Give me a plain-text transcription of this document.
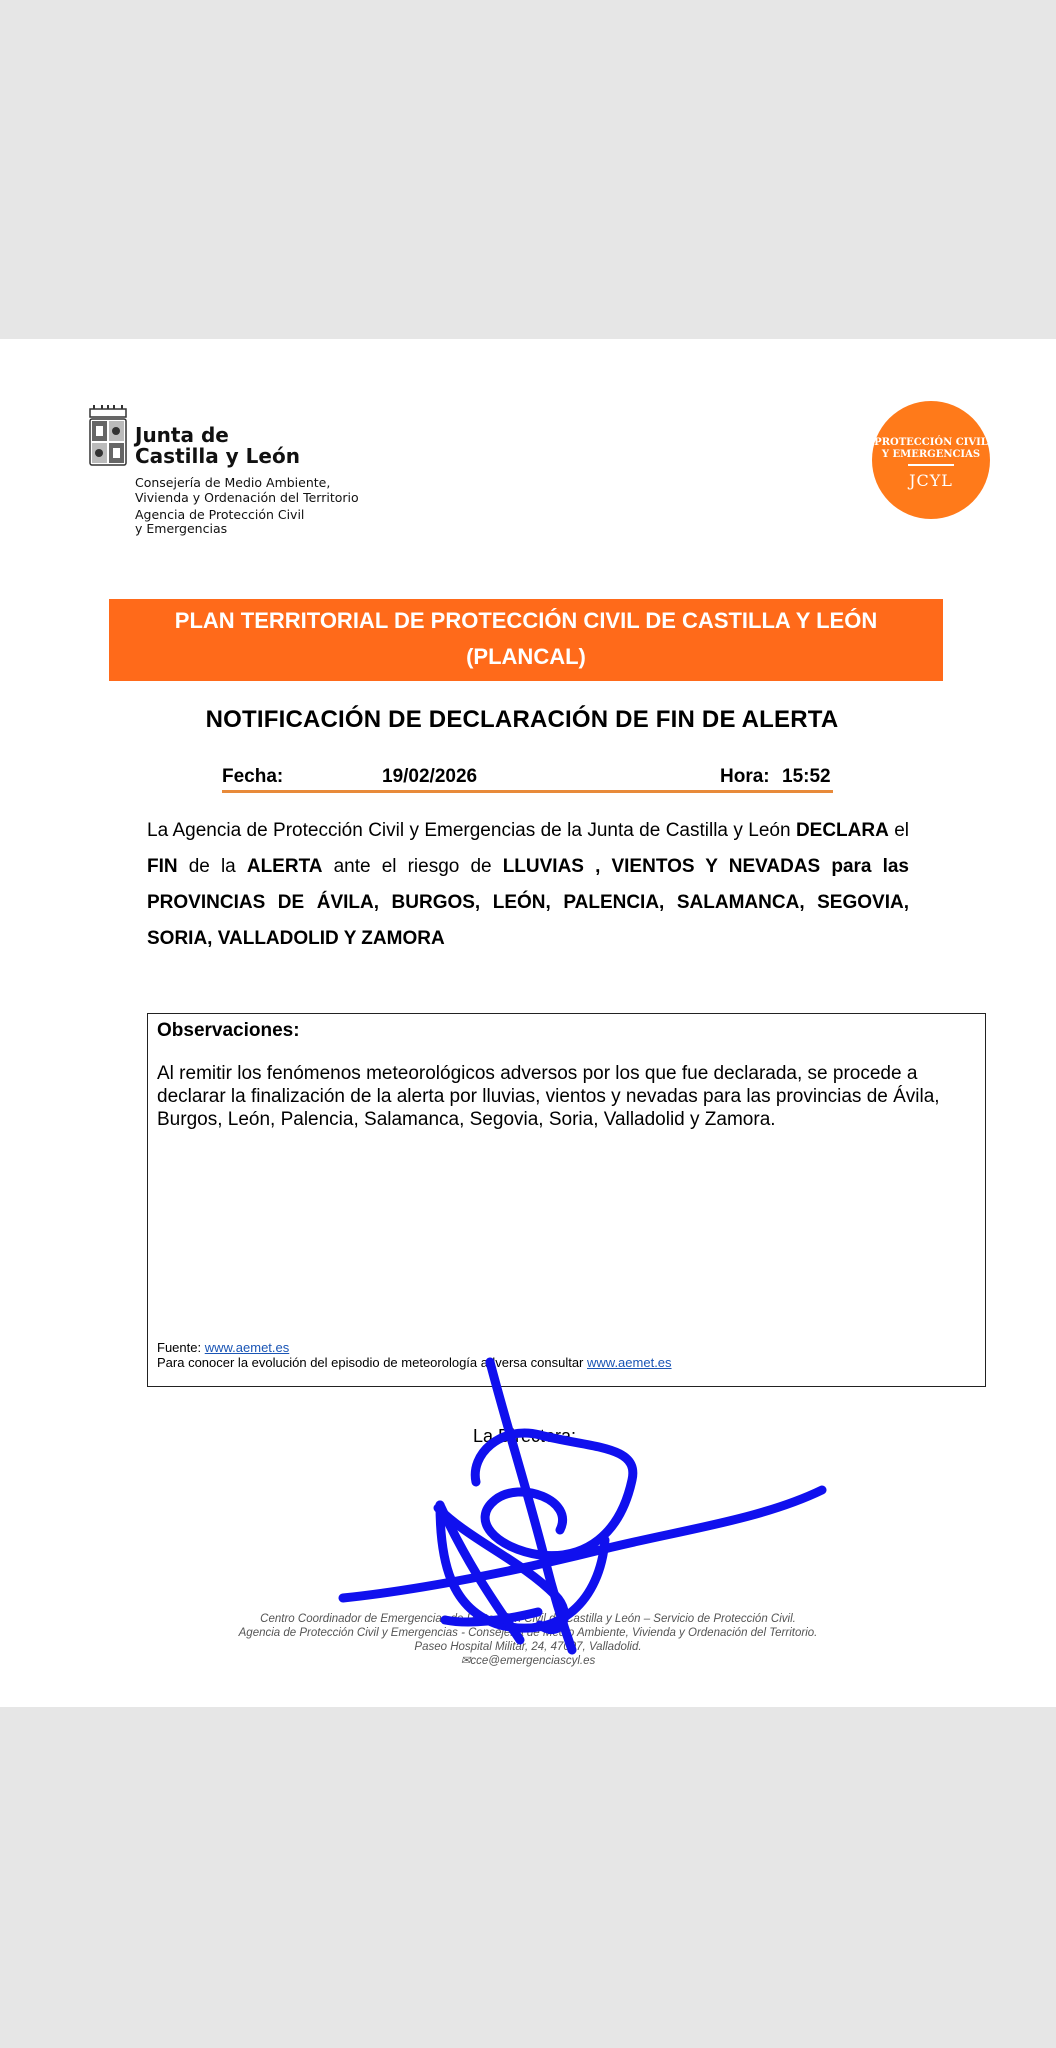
Junta de
Castilla y León
Consejería de Medio Ambiente,
Vivienda y Ordenación del Territorio
Agencia de Protección Civil
y Emergencias
PROTECCIÓN CIVIL
Y EMERGENCIAS
JCYL
PLAN TERRITORIAL DE PROTECCIÓN CIVIL DE CASTILLA Y LEÓN
(PLANCAL)
NOTIFICACIÓN DE DECLARACIÓN DE FIN DE ALERTA
Fecha:	19/02/2026	Hora: 15:52
La Agencia de Protección Civil y Emergencias de la Junta de Castilla y León DECLARA el FIN de la ALERTA ante el riesgo de LLUVIAS , VIENTOS Y NEVADAS para las PROVINCIAS DE ÁVILA, BURGOS, LEÓN, PALENCIA, SALAMANCA, SEGOVIA, SORIA, VALLADOLID Y ZAMORA
Observaciones:
Al remitir los fenómenos meteorológicos adversos por los que fue declarada, se procede a declarar la finalización de la alerta por lluvias, vientos y nevadas para las provincias de Ávila, Burgos, León, Palencia, Salamanca, Segovia, Soria, Valladolid y Zamora.
Fuente: www.aemet.es
Para conocer la evolución del episodio de meteorología adversa consultar www.aemet.es
La Directora:
Centro Coordinador de Emergencias de Protección Civil de Castilla y León – Servicio de Protección Civil.
Agencia de Protección Civil y Emergencias - Consejería de Medio Ambiente, Vivienda y Ordenación del Territorio.
Paseo Hospital Militar, 24, 47007, Valladolid.
✉cce@emergenciascyl.es
